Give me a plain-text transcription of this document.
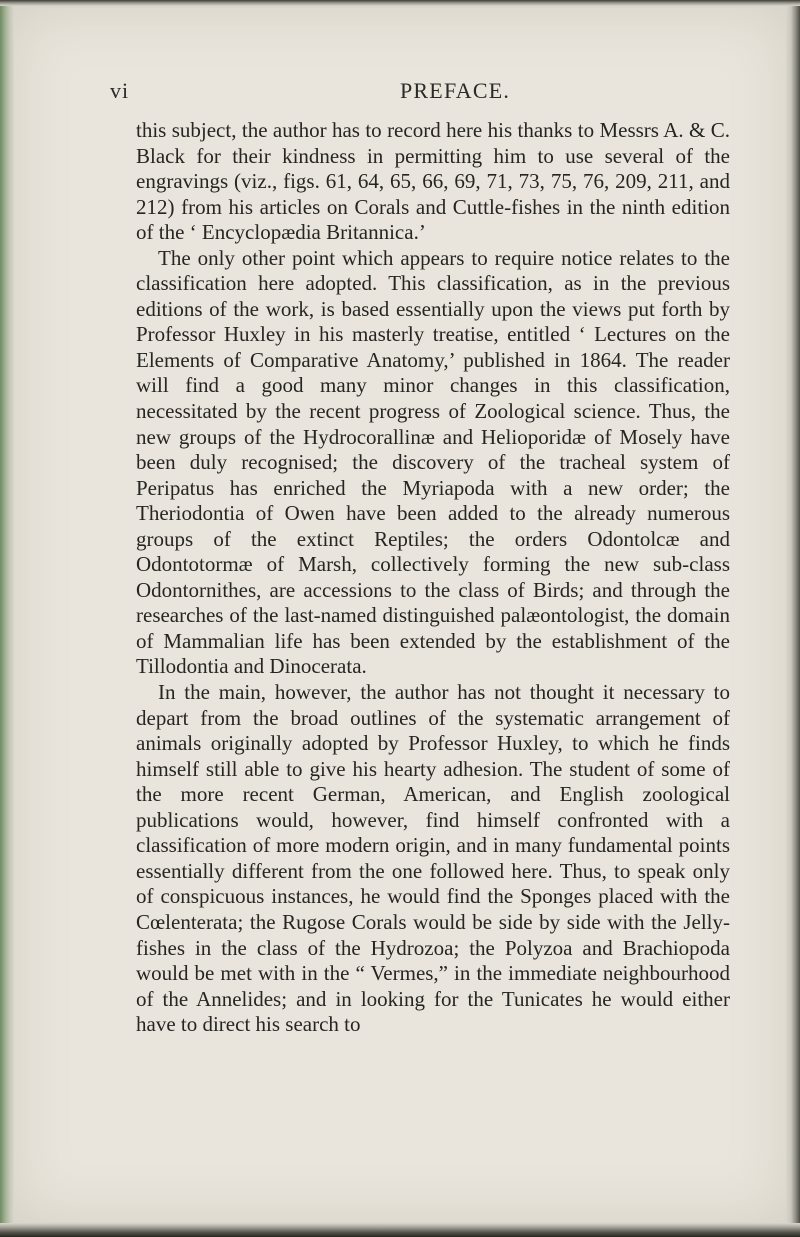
vi	PREFACE.

this subject, the author has to record here his thanks to Messrs A. & C. Black for their kindness in permitting him to use several of the engravings (viz., figs. 61, 64, 65, 66, 69, 71, 73, 75, 76, 209, 211, and 212) from his articles on Corals and Cuttle-fishes in the ninth edition of the ‘ Encyclopædia Britannica.’

The only other point which appears to require notice relates to the classification here adopted. This classification, as in the previous editions of the work, is based essentially upon the views put forth by Professor Huxley in his masterly treatise, entitled ‘ Lectures on the Elements of Comparative Anatomy,’ published in 1864. The reader will find a good many minor changes in this classification, necessitated by the recent progress of Zoological science. Thus, the new groups of the Hydrocorallinæ and Helioporidæ of Mosely have been duly recognised; the discovery of the tracheal system of Peripatus has enriched the Myriapoda with a new order; the Theriodontia of Owen have been added to the already numerous groups of the extinct Reptiles; the orders Odontolcæ and Odontotormæ of Marsh, collectively forming the new sub-class Odontornithes, are accessions to the class of Birds; and through the researches of the last-named distinguished palæontologist, the domain of Mammalian life has been extended by the establishment of the Tillodontia and Dinocerata.

In the main, however, the author has not thought it necessary to depart from the broad outlines of the systematic arrangement of animals originally adopted by Professor Huxley, to which he finds himself still able to give his hearty adhesion. The student of some of the more recent German, American, and English zoological publications would, however, find himself confronted with a classification of more modern origin, and in many fundamental points essentially different from the one followed here. Thus, to speak only of conspicuous instances, he would find the Sponges placed with the Cœlenterata; the Rugose Corals would be side by side with the Jelly-fishes in the class of the Hydrozoa; the Polyzoa and Brachiopoda would be met with in the “ Vermes,” in the immediate neighbourhood of the Annelides; and in looking for the Tunicates he would either have to direct his search to
